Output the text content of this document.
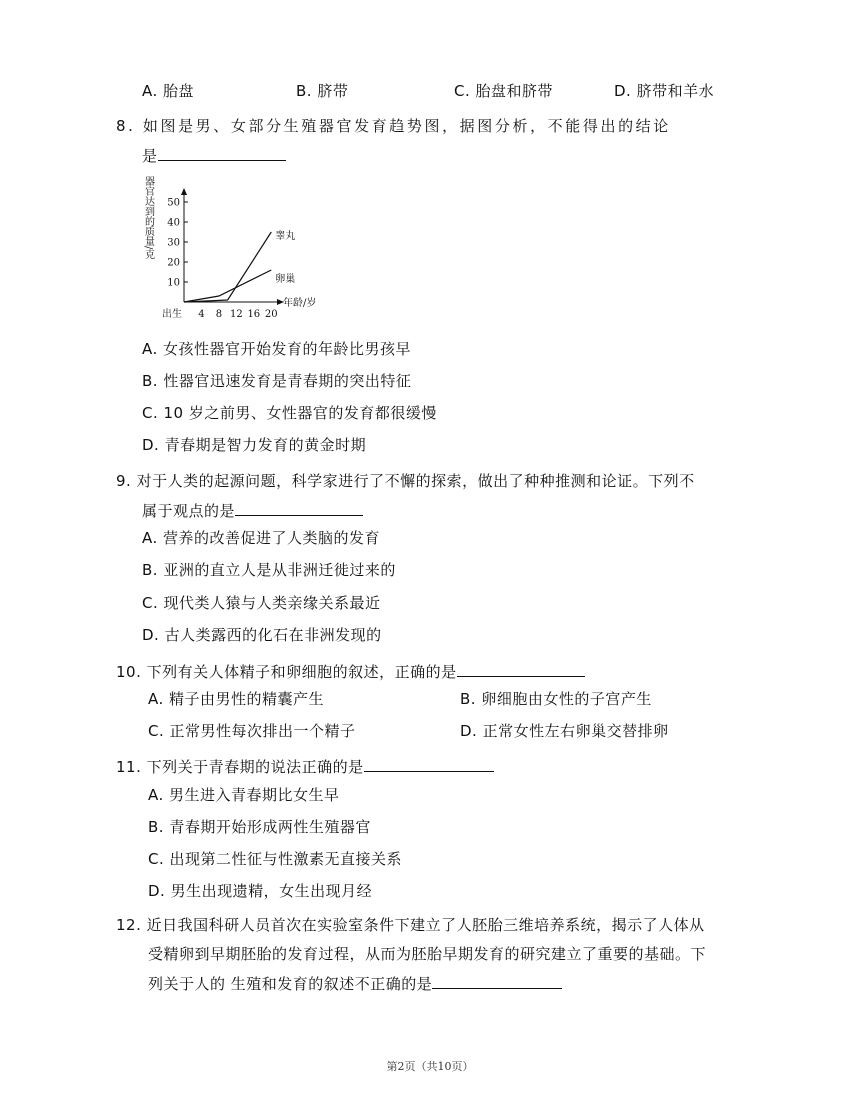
A. 胎盘	B. 脐带	C. 胎盘和脐带	D. 脐带和羊水
8. 如图是男、女部分生殖器官发育趋势图，据图分析，不能得出的结论
是
器官达到的质量/克
10
20
30
40
50
出生 4 8 12 16 20
睾丸
卵巢
年龄/岁
A. 女孩性器官开始发育的年龄比男孩早
B. 性器官迅速发育是青春期的突出特征
C. 10 岁之前男、女性器官的发育都很缓慢
D. 青春期是智力发育的黄金时期
9. 对于人类的起源问题，科学家进行了不懈的探索，做出了种种推测和论证。下列不
属于观点的是
A. 营养的改善促进了人类脑的发育
B. 亚洲的直立人是从非洲迁徙过来的
C. 现代类人猿与人类亲缘关系最近
D. 古人类露西的化石在非洲发现的
10. 下列有关人体精子和卵细胞的叙述，正确的是
A. 精子由男性的精囊产生	B. 卵细胞由女性的子宫产生
C. 正常男性每次排出一个精子	D. 正常女性左右卵巢交替排卵
11. 下列关于青春期的说法正确的是
A. 男生进入青春期比女生早
B. 青春期开始形成两性生殖器官
C. 出现第二性征与性激素无直接关系
D. 男生出现遗精，女生出现月经
12. 近日我国科研人员首次在实验室条件下建立了人胚胎三维培养系统，揭示了人体从
受精卵到早期胚胎的发育过程，从而为胚胎早期发育的研究建立了重要的基础。下
列关于人的 生殖和发育的叙述不正确的是
第2页（共10页）
